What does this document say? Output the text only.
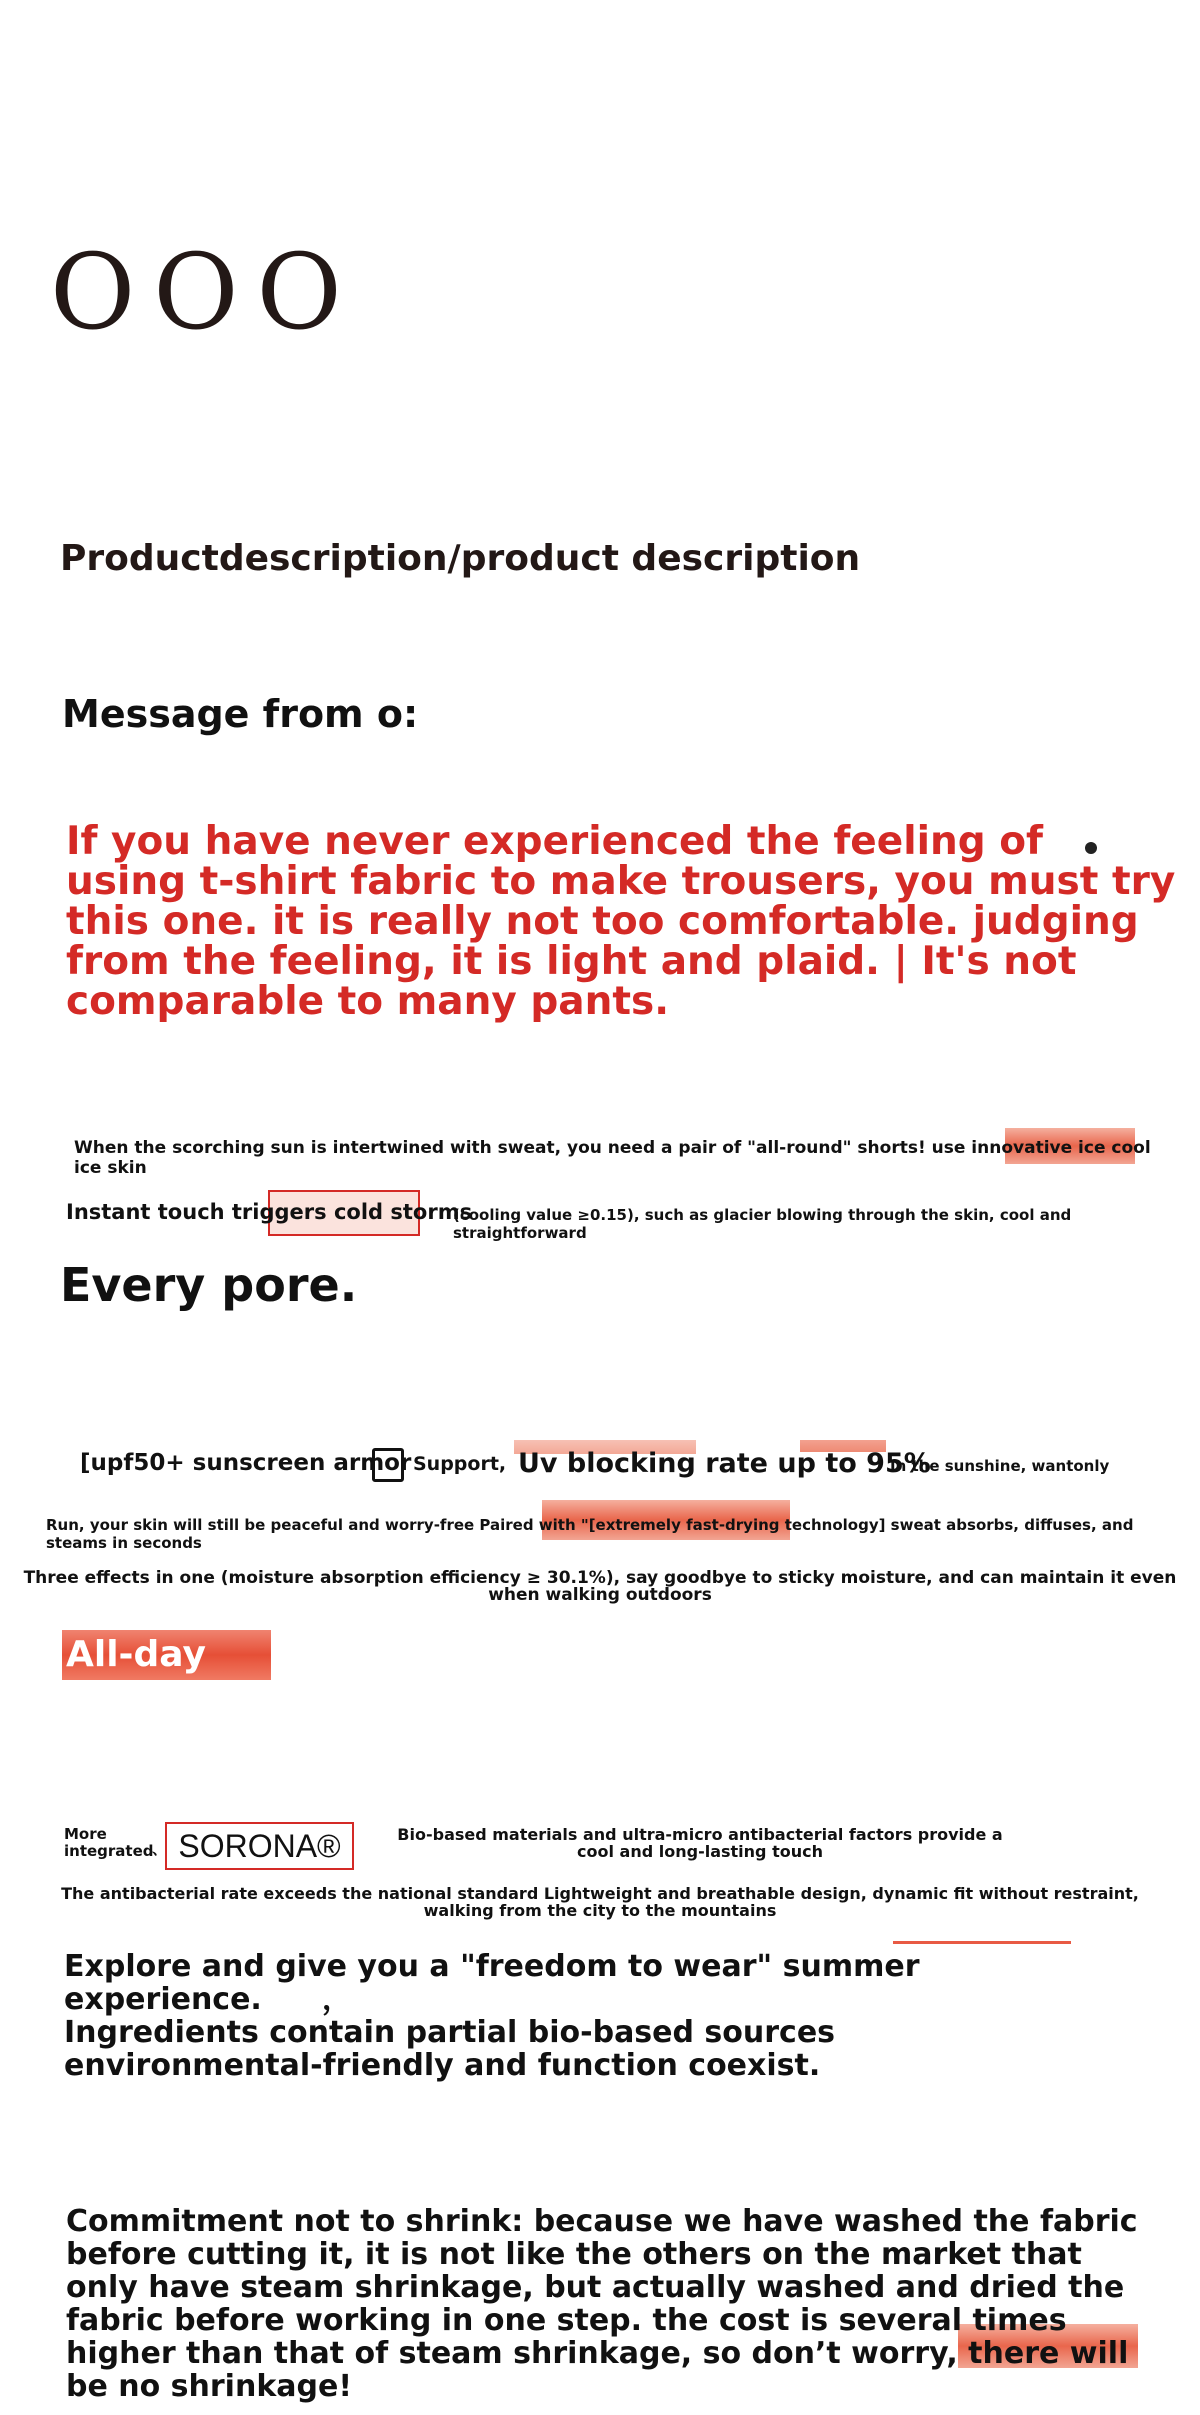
OOO
Productdescription/product description
Message from o:
If you have never experienced the feeling of using t-shirt fabric to make trousers, you must try this one. it is really not too comfortable. judging from the feeling, it is light and plaid. | It's not comparable to many pants.
When the scorching sun is intertwined with sweat, you need a pair of "all-round" shorts! use innovative ice cool ice skin
Instant touch triggers cold storms
(cooling value ≥0.15), such as glacier blowing through the skin, cool and straightforward
Every pore.
[upf50+ sunscreen armor Support, Uv blocking rate up to 95%
In the sunshine, wantonly
Run, your skin will still be peaceful and worry-free Paired with "[extremely fast-drying technology] sweat absorbs, diffuses, and steams in seconds
Three effects in one (moisture absorption efficiency ≥ 30.1%), say goodbye to sticky moisture, and can maintain it even when walking outdoors
All-day dry
More
integrated
、 SORONA®	Bio-based materials and ultra-micro antibacterial factors provide a cool and long-lasting touch
The antibacterial rate exceeds the national standard Lightweight and breathable design, dynamic fit without restraint, walking from the city to the mountains
Explore and give you a "freedom to wear" summer experience.　　，
Ingredients contain partial bio-based sources
environmental-friendly and function coexist.
Commitment not to shrink: because we have washed the fabric before cutting it, it is not like the others on the market that only have steam shrinkage, but actually washed and dried the fabric before working in one step. the cost is several times higher than that of steam shrinkage, so don’t worry, there will be no shrinkage!
